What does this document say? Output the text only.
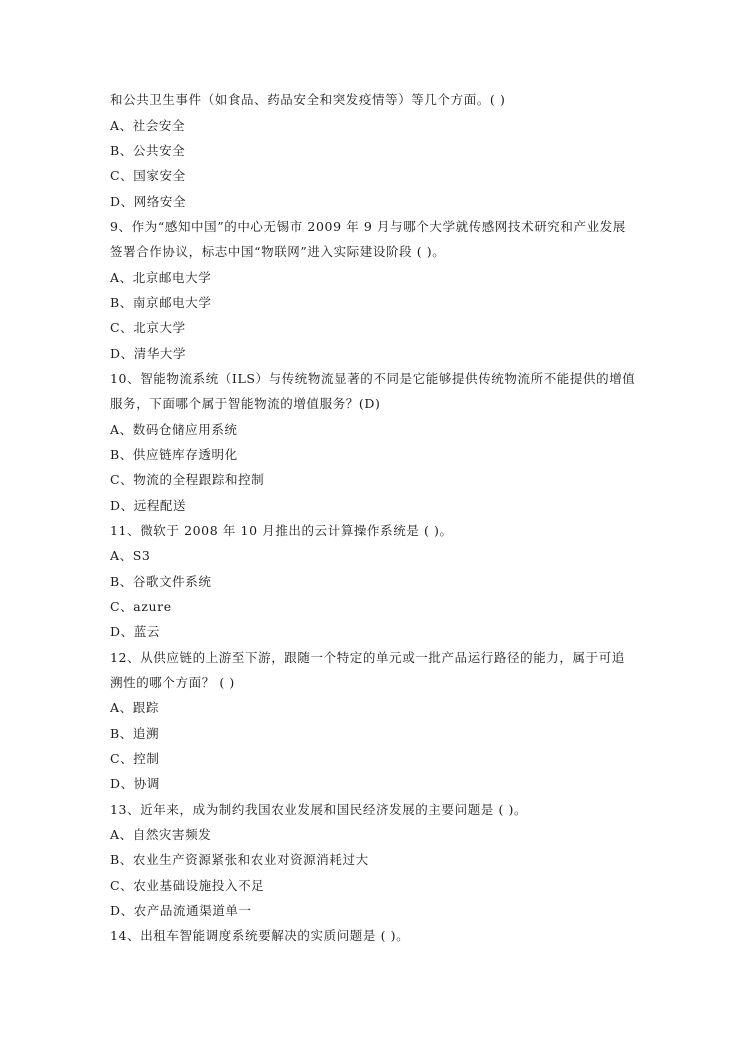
和公共卫生事件（如食品、药品安全和突发疫情等）等几个方面。( )
A、社会安全
B、公共安全
C、国家安全
D、网络安全
9、作为“感知中国”的中心无锡市 2009 年 9 月与哪个大学就传感网技术研究和产业发展
签署合作协议，标志中国“物联网”进入实际建设阶段 ( )。
A、北京邮电大学
B、南京邮电大学
C、北京大学
D、清华大学
10、智能物流系统（ILS）与传统物流显著的不同是它能够提供传统物流所不能提供的增值
服务，下面哪个属于智能物流的增值服务？(D)
A、数码仓储应用系统
B、供应链库存透明化
C、物流的全程跟踪和控制
D、远程配送
11、微软于 2008 年 10 月推出的云计算操作系统是 ( )。
A、S3
B、谷歌文件系统
C、azure
D、蓝云
12、从供应链的上游至下游，跟随一个特定的单元或一批产品运行路径的能力，属于可追
溯性的哪个方面？ ( )
A、跟踪
B、追溯
C、控制
D、协调
13、近年来，成为制约我国农业发展和国民经济发展的主要问题是 ( )。
A、自然灾害频发
B、农业生产资源紧张和农业对资源消耗过大
C、农业基础设施投入不足
D、农产品流通渠道单一
14、出租车智能调度系统要解决的实质问题是 ( )。
